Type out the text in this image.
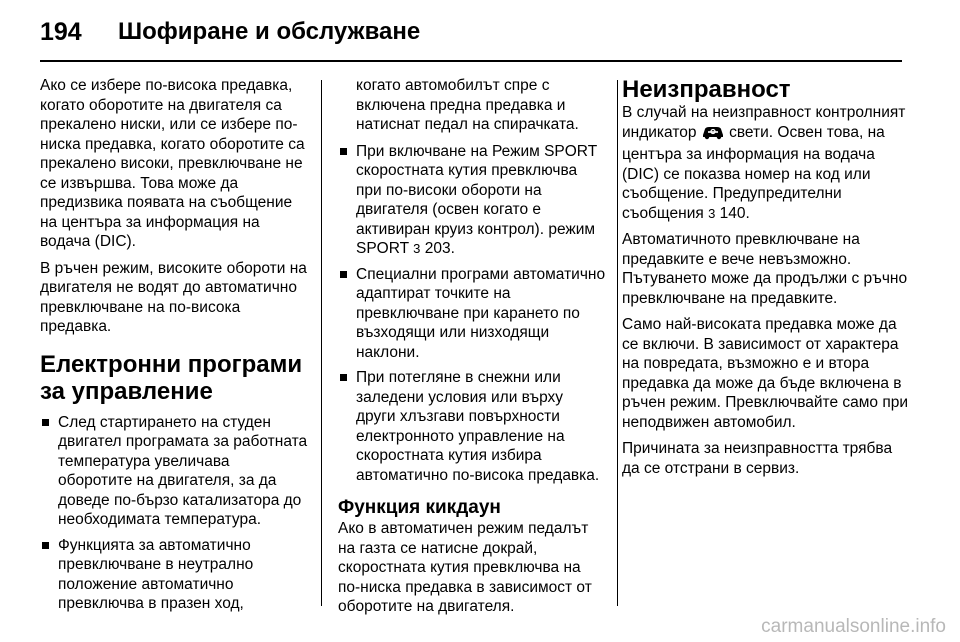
194	Шофиране и обслужване

Ако се избере по-висока предавка, когато оборотите на двигателя са прекалено ниски, или се избере по-ниска предавка, когато оборотите са прекалено високи, превключване не се извършва. Това може да предизвика появата на съобщение на центъра за информация на водача (DIC).

В ръчен режим, високите обороти на двигателя не водят до автоматично превключване на по-висока предавка.

Електронни програми за управление
След стартирането на студен двигател програмата за работната температура увеличава оборотите на двигателя, за да доведе по-бързо катализатора до необходимата температура.
Функцията за автоматично превключване в неутрално положение автоматично превключва в празен ход,

когато автомобилът спре с включена предна предавка и натиснат педал на спирачката.

При включване на Режим SPORT скоростната кутия превключва при по-високи обороти на двигателя (освен когато е активиран круиз контрол). режим SPORT 3 203.
Специални програми автоматично адаптират точките на превключване при карането по възходящи или низходящи наклони.
При потегляне в снежни или заледени условия или върху други хлъзгави повърхности електронното управление на скоростната кутия избира автоматично по-висока предавка.
Функция кикдаун

Ако в автоматичен режим педалът на газта се натисне докрай, скоростната кутия превключва на по-ниска предавка в зависимост от оборотите на двигателя.

Неизправност

В случай на неизправност контролният индикатор свети. Освен това, на центъра за информация на водача (DIC) се показва номер на код или съобщение. Предупредителни съобщения 3 140.

Автоматичното превключване на предавките е вече невъзможно. Пътуването може да продължи с ръчно превключване на предавките.

Само най-високата предавка може да се включи. В зависимост от характера на повредата, възможно е и втора предавка да може да бъде включена в ръчен режим. Превключвайте само при неподвижен автомобил.

Причината за неизправността трябва да се отстрани в сервиз.

carmanualsonline.info
